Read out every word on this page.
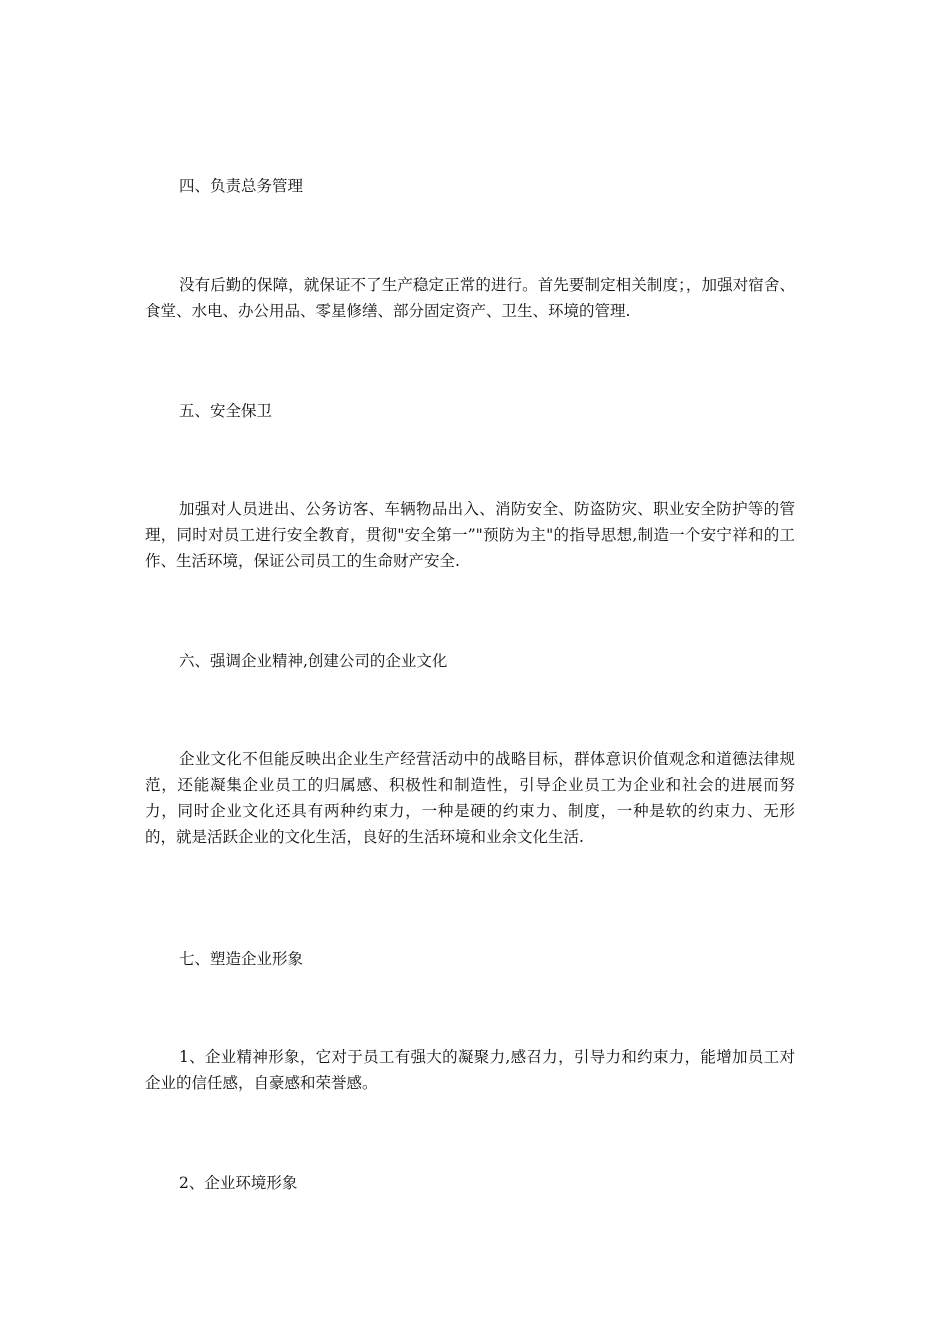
四、负责总务管理

没有后勤的保障，就保证不了生产稳定正常的进行。首先要制定相关制度；，加强对宿舍、食堂、水电、办公用品、零星修缮、部分固定资产、卫生、环境的管理.

五、安全保卫

加强对人员进出、公务访客、车辆物品出入、消防安全、防盗防灾、职业安全防护等的管理，同时对员工进行安全教育，贯彻"安全第一”"预防为主"的指导思想,制造一个安宁祥和的工作、生活环境，保证公司员工的生命财产安全.

六、强调企业精神,创建公司的企业文化

企业文化不但能反映出企业生产经营活动中的战略目标，群体意识价值观念和道德法律规范，还能凝集企业员工的归属感、积极性和制造性，引导企业员工为企业和社会的进展而努力，同时企业文化还具有两种约束力，一种是硬的约束力、制度，一种是软的约束力、无形的，就是活跃企业的文化生活，良好的生活环境和业余文化生活.

七、塑造企业形象

1、企业精神形象，它对于员工有强大的凝聚力,感召力，引导力和约束力，能增加员工对企业的信任感，自豪感和荣誉感。

2、企业环境形象
